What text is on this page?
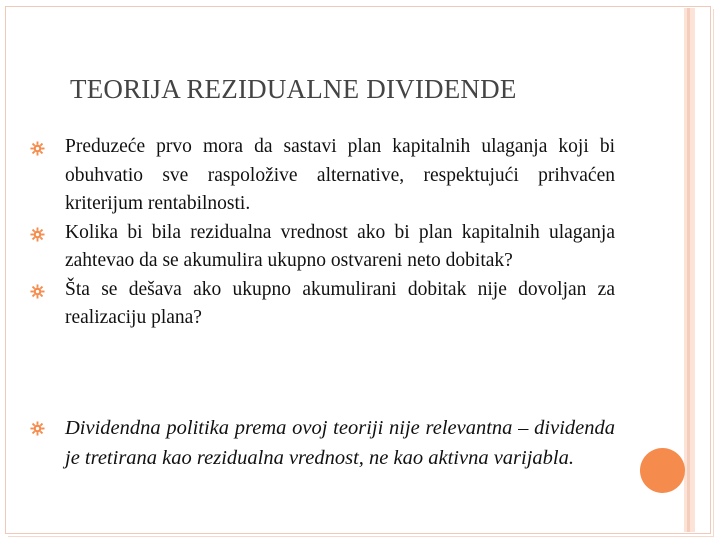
TEORIJA REZIDUALNE DIVIDENDE
Preduzeće prvo mora da sastavi plan kapitalnih ulaganja koji bi obuhvatio sve raspoložive alternative, respektujući prihvaćen kriterijum rentabilnosti.
Kolika bi bila rezidualna vrednost ako bi plan kapitalnih ulaganja zahtevao da se akumulira ukupno ostvareni neto dobitak?
Šta se dešava ako ukupno akumulirani dobitak nije dovoljan za realizaciju plana?
Dividendna politika prema ovoj teoriji nije relevantna – dividenda je tretirana kao rezidualna vrednost, ne kao aktivna varijabla.
